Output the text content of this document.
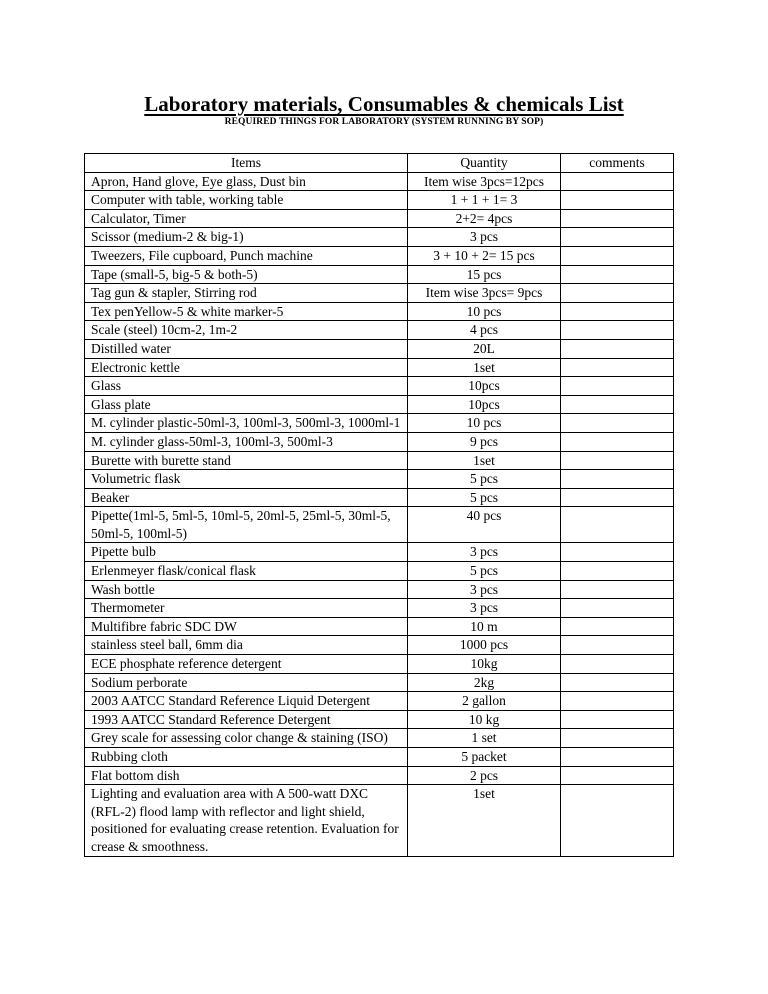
Laboratory materials, Consumables & chemicals List
REQUIRED THINGS FOR LABORATORY (SYSTEM RUNNING BY SOP)
Items	Quantity	comments
Apron, Hand glove, Eye glass, Dust bin	Item wise 3pcs=12pcs	
Computer with table, working table	1 + 1 + 1= 3	
Calculator, Timer	2+2= 4pcs	
Scissor (medium-2 & big-1)	3 pcs	
Tweezers, File cupboard, Punch machine	3 + 10 + 2= 15 pcs	
Tape (small-5, big-5 & both-5)	15 pcs	
Tag gun & stapler, Stirring rod	Item wise 3pcs= 9pcs	
Tex penYellow-5 & white marker-5	10 pcs	
Scale (steel) 10cm-2, 1m-2	4 pcs	
Distilled water	20L	
Electronic kettle	1set	
Glass	10pcs	
Glass plate	10pcs	
M. cylinder plastic-50ml-3, 100ml-3, 500ml-3, 1000ml-1	10 pcs	
M. cylinder glass-50ml-3, 100ml-3, 500ml-3	9 pcs	
Burette with burette stand	1set	
Volumetric flask	5 pcs	
Beaker	5 pcs	
Pipette(1ml-5, 5ml-5, 10ml-5, 20ml-5, 25ml-5, 30ml-5, 50ml-5, 100ml-5)	40 pcs	
Pipette bulb	3 pcs	
Erlenmeyer flask/conical flask	5 pcs	
Wash bottle	3 pcs	
Thermometer	3 pcs	
Multifibre fabric SDC DW	10 m	
stainless steel ball, 6mm dia	1000 pcs	
ECE phosphate reference detergent	10kg	
Sodium perborate	2kg	
2003 AATCC Standard Reference Liquid Detergent	2 gallon	
1993 AATCC Standard Reference Detergent	10 kg	
Grey scale for assessing color change & staining (ISO)	1 set	
Rubbing cloth	5 packet	
Flat bottom dish	2 pcs	
Lighting and evaluation area with A 500-watt DXC (RFL-2) flood lamp with reflector and light shield, positioned for evaluating crease retention. Evaluation for crease & smoothness.	1set	
